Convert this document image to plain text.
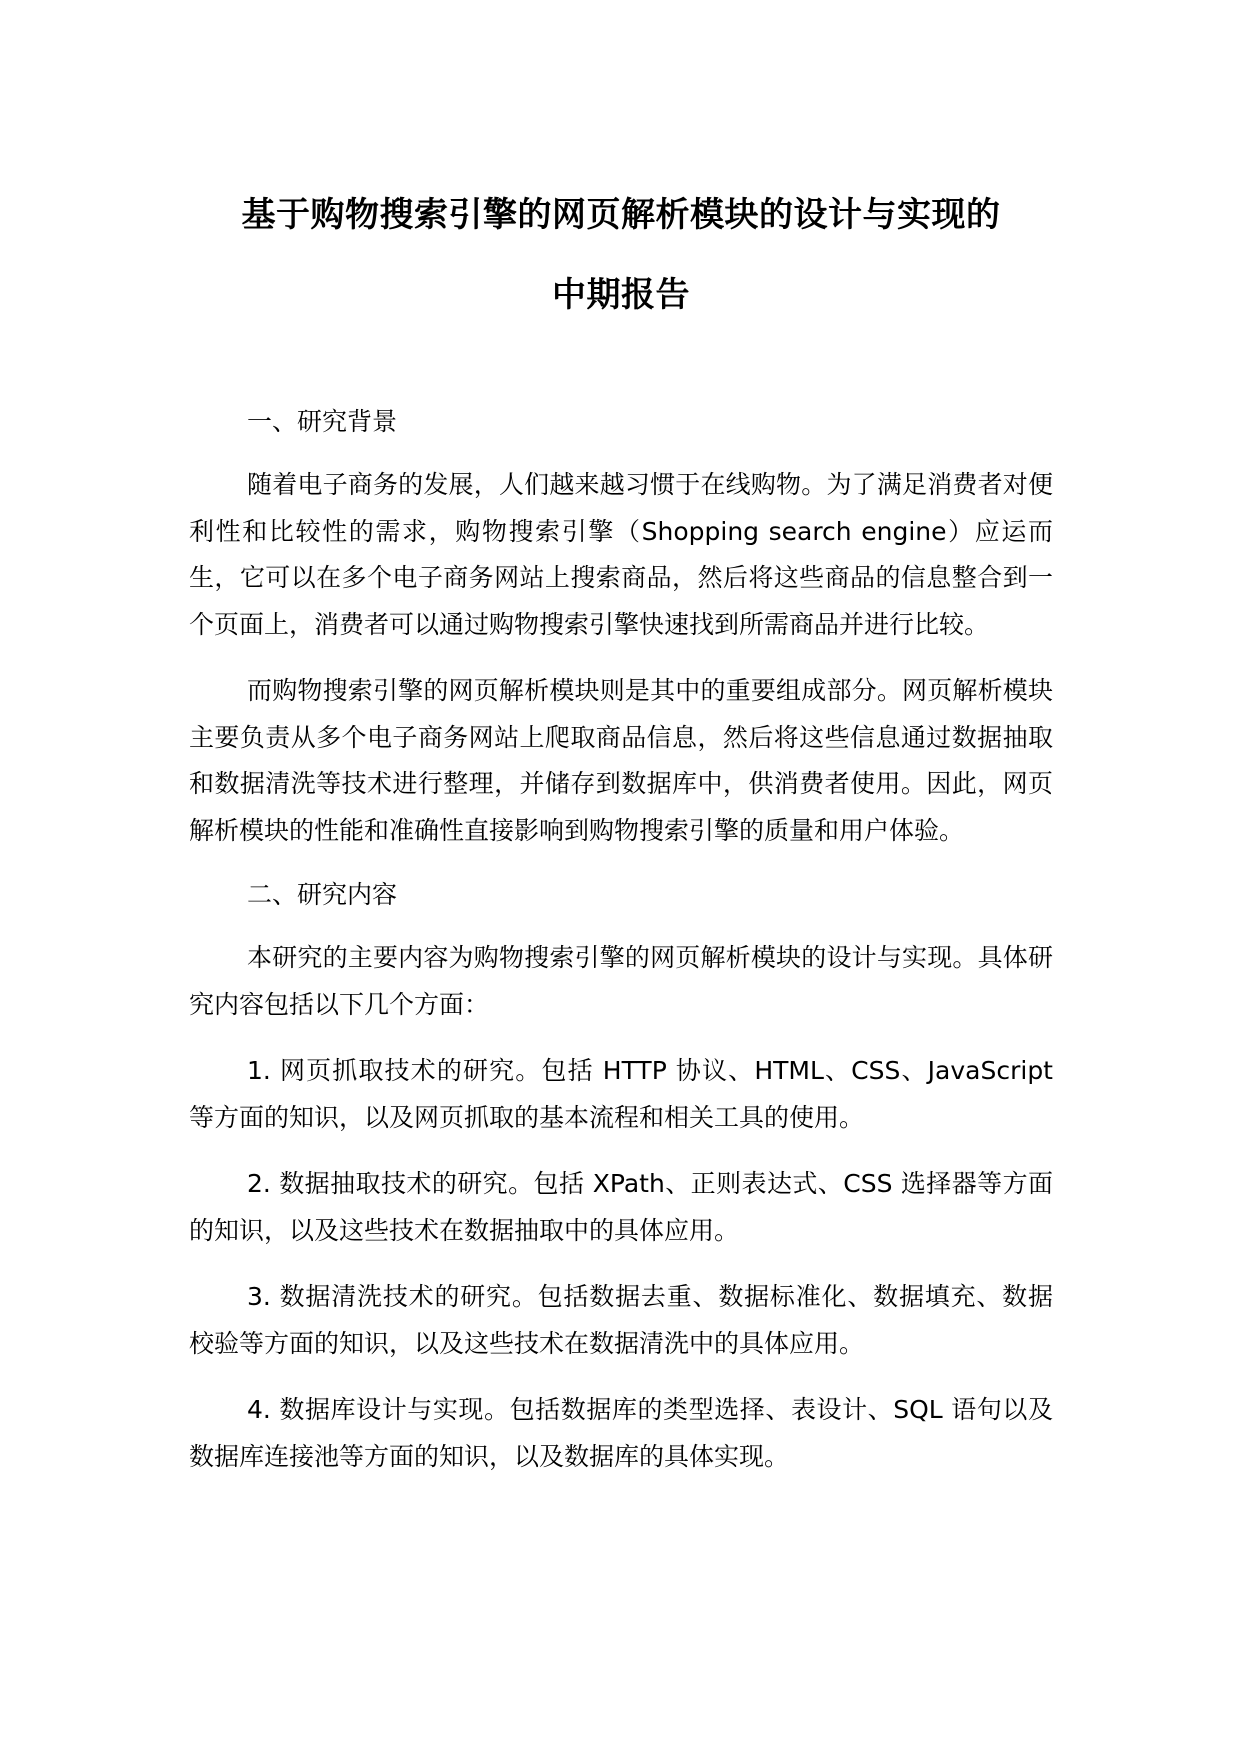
基于购物搜索引擎的网页解析模块的设计与实现的
中期报告

一、研究背景

随着电子商务的发展，人们越来越习惯于在线购物。为了满足消费者对便利性和比较性的需求，购物搜索引擎（Shopping search engine）应运而生，它可以在多个电子商务网站上搜索商品，然后将这些商品的信息整合到一个页面上，消费者可以通过购物搜索引擎快速找到所需商品并进行比较。

而购物搜索引擎的网页解析模块则是其中的重要组成部分。网页解析模块主要负责从多个电子商务网站上爬取商品信息，然后将这些信息通过数据抽取和数据清洗等技术进行整理，并储存到数据库中，供消费者使用。因此，网页解析模块的性能和准确性直接影响到购物搜索引擎的质量和用户体验。

二、研究内容

本研究的主要内容为购物搜索引擎的网页解析模块的设计与实现。具体研究内容包括以下几个方面：

1. 网页抓取技术的研究。包括 HTTP 协议、HTML、CSS、JavaScript 等方面的知识，以及网页抓取的基本流程和相关工具的使用。

2. 数据抽取技术的研究。包括 XPath、正则表达式、CSS 选择器等方面的知识，以及这些技术在数据抽取中的具体应用。

3. 数据清洗技术的研究。包括数据去重、数据标准化、数据填充、数据校验等方面的知识，以及这些技术在数据清洗中的具体应用。

4. 数据库设计与实现。包括数据库的类型选择、表设计、SQL 语句以及数据库连接池等方面的知识，以及数据库的具体实现。
